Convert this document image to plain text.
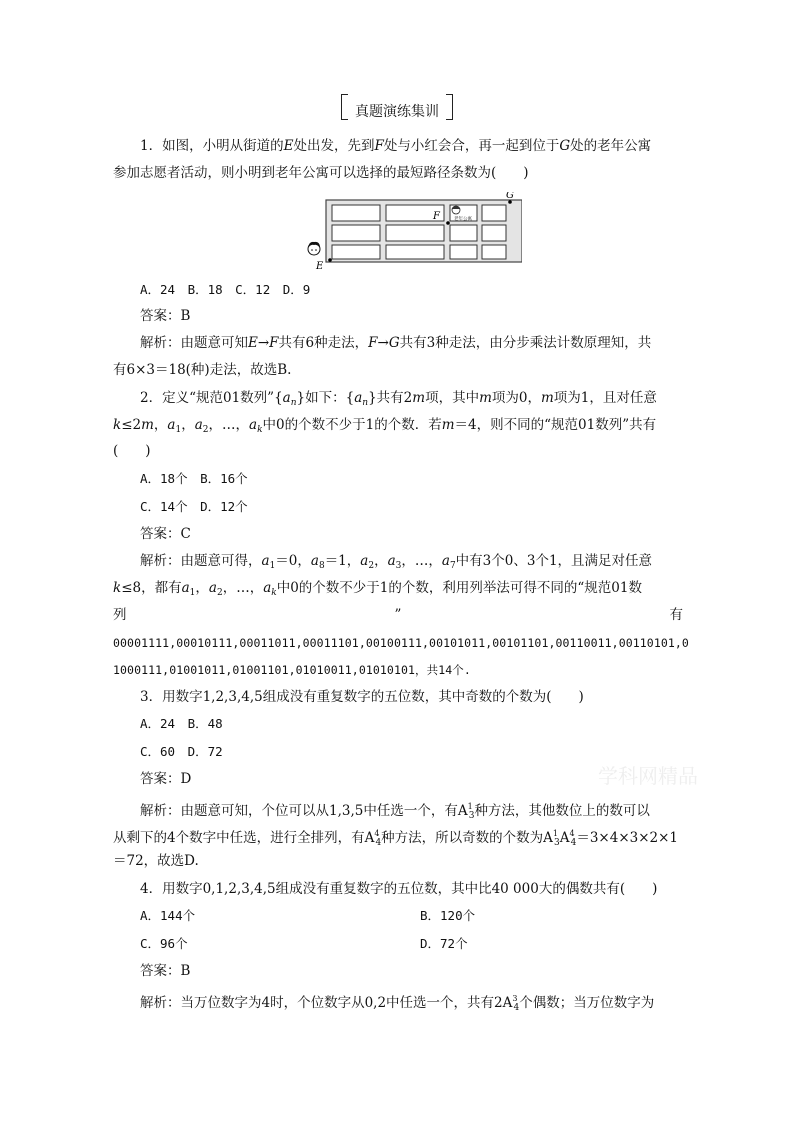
真题演练集训
1．如图，小明从街道的E处出发，先到F处与小红会合，再一起到位于G处的老年公寓
参加志愿者活动，则小明到老年公寓可以选择的最短路径条数为(　　)
老年公寓
G
F
E
A．24　B．18　C．12　D．9
答案：B
解析：由题意可知E→F共有6种走法，F→G共有3种走法，由分步乘法计数原理知，共
有6×3＝18(种)走法，故选B.
2．定义“规范01数列$”\{a_n\}$如下：$\{a_n\}$共有2m项，其中m项为0，m项为1，且对任意
k≤2m，$a_1$，$a_2$，…，$a_k$中0的个数不少于1的个数．若m＝4，则不同的“规范01数列”共有
(　　)
A．18个　B．16个
C．14个　D．12个
答案：C
解析：由题意可得，$a_1=0$，$a_8=1$，$a_2$，$a_3$，…，$a_7$中有3个0、3个1，且满足对任意
k≤8，都有$a_1$，$a_2$，…，$a_k$中0的个数不少于1的个数，利用列举法可得不同的“规范01数
列	”	有
00001111,00010111,00011011,00011101,00100111,00101011,00101101,00110011,00110101,0
1000111,01001011,01001101,01010011,01010101，共14个.
3．用数字1,2,3,4,5组成没有重复数字的五位数，其中奇数的个数为(　　)
A．24　B．48
C．60　D．72
答案：D
解析：由题意可知，个位可以从1,3,5中任选一个，有$A^1_3$种方法，其他数位上的数可以
从剩下的4个数字中任选，进行全排列，有$A^4_4$种方法，所以奇数的个数为$A^1_3A^4_4=3\times 4\times 3\times 2\times 1$
＝72，故选D.
4．用数字0,1,2,3,4,5组成没有重复数字的五位数，其中比40 000大的偶数共有(　　)
A．144个	B．120个
C．96个	D．72个
答案：B
解析：当万位数字为4时，个位数字从0,2中任选一个，共有$2A^3_4$个偶数；当万位数字为
学科网精品
